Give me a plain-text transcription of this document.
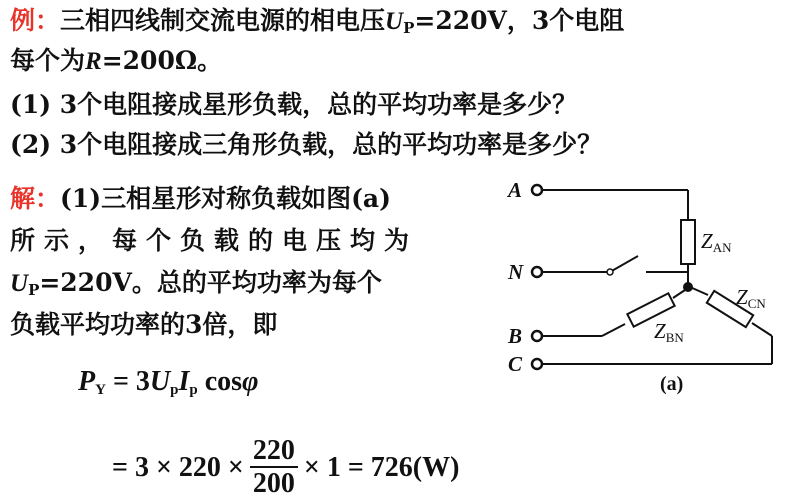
例：三相四线制交流电源的相电压$U_P=220V$，3个电阻
每个为R=200Ω。
(1) 3个电阻接成星形负载，总的平均功率是多少？
(2) 3个电阻接成三角形负载，总的平均功率是多少？
解：(1)三相星形对称负载如图(a)
所示，每个负载的电压均为
$U_P=220V$。总的平均功率为每个
负载平均功率的3倍，即
$P_Y = 3U_pI_p$ cosφ
= $3 \times 220 \times \frac{220}{200} \times 1 = 726(W)$
A
N
B
C
ZAN
ZCN
ZBN
(a)
